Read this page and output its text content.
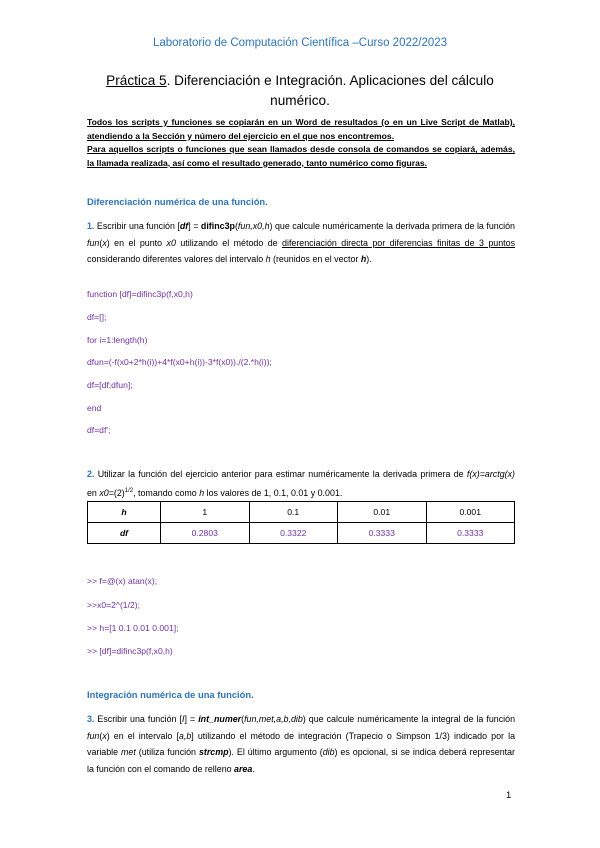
Laboratorio de Computación Científica –Curso 2022/2023
Práctica 5. Diferenciación e Integración. Aplicaciones del cálculo numérico.

Todos los scripts y funciones se copiarán en un Word de resultados (o en un Live Script de Matlab), atendiendo a la Sección y número del ejercicio en el que nos encontremos.

Para aquellos scripts o funciones que sean llamados desde consola de comandos se copiará, además, la llamada realizada, así como el resultado generado, tanto numérico como figuras.

Diferenciación numérica de una función.
1. Escribir una función [df] = difinc3p(fun,x0,h) que calcule numéricamente la derivada primera de la función fun(x) en el punto x0 utilizando el método de diferenciación directa por diferencias finitas de 3 puntos considerando diferentes valores del intervalo h (reunidos en el vector h).
function [df]=difinc3p(f,x0,h)
df=[];
for i=1:length(h)
dfun=(-f(x0+2*h(i))+4*f(x0+h(i))-3*f(x0))./(2.*h(i));
df=[df;dfun];
end
df=df';
2. Utilizar la función del ejercicio anterior para estimar numéricamente la derivada primera de f(x)=arctg(x) en $x0=(2)^{1/2}$, tomando como h los valores de 1, 0.1, 0.01 y 0.001.
h	1	0.1	0.01	0.001
df	0.2803	0.3322	0.3333	0.3333
>> f=@(x) atan(x);
>>x0=2^(1/2);
>> h=[1 0.1 0.01 0.001];
>> [df]=difinc3p(f,x0,h)
Integración numérica de una función.
3. Escribir una función [I] = int_numer(fun,met,a,b,dib) que calcule numéricamente la integral de la función fun(x) en el intervalo [a,b] utilizando el método de integración (Trapecio o Simpson 1/3) indicado por la variable met (utiliza función strcmp). El último argumento (dib) es opcional, si se indica deberá representar la función con el comando de relleno area.
1
